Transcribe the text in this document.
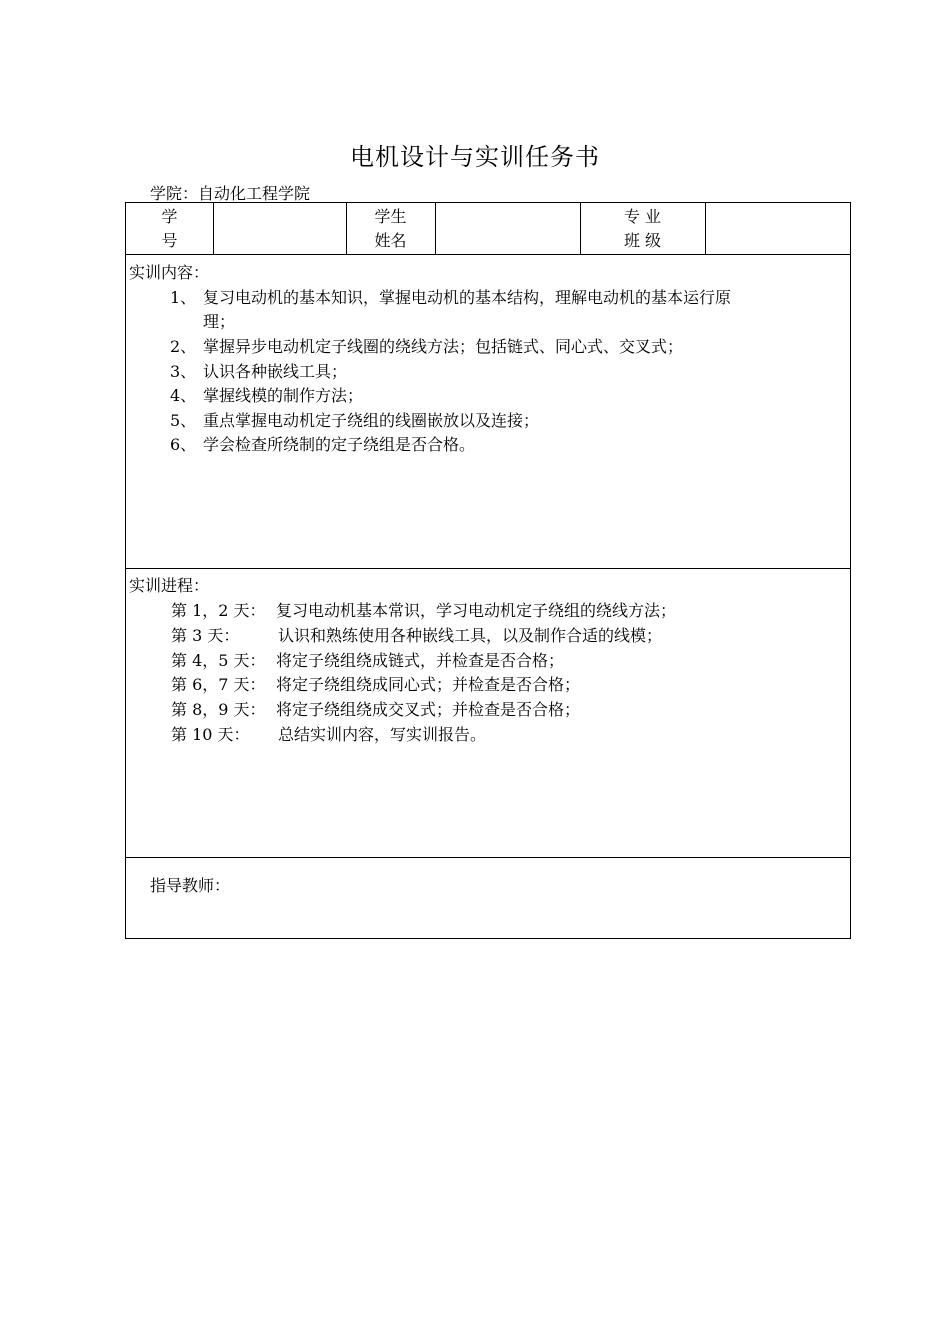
电机设计与实训任务书
学院：自动化工程学院
学
号
学生
姓名
专 业
班 级
实训内容：
1、 复习电动机的基本知识，掌握电动机的基本结构，理解电动机的基本运行原
理；
2、 掌握异步电动机定子线圈的绕线方法；包括链式、同心式、交叉式；
3、 认识各种嵌线工具；
4、 掌握线模的制作方法；
5、 重点掌握电动机定子绕组的线圈嵌放以及连接；
6、 学会检查所绕制的定子绕组是否合格。
实训进程：
第 1，2 天： 复习电动机基本常识，学习电动机定子绕组的绕线方法；
第 3 天： 认识和熟练使用各种嵌线工具，以及制作合适的线模；
第 4，5 天： 将定子绕组绕成链式，并检查是否合格；
第 6，7 天： 将定子绕组绕成同心式；并检查是否合格；
第 8，9 天： 将定子绕组绕成交叉式；并检查是否合格；
第 10 天： 总结实训内容，写实训报告。
指导教师：
